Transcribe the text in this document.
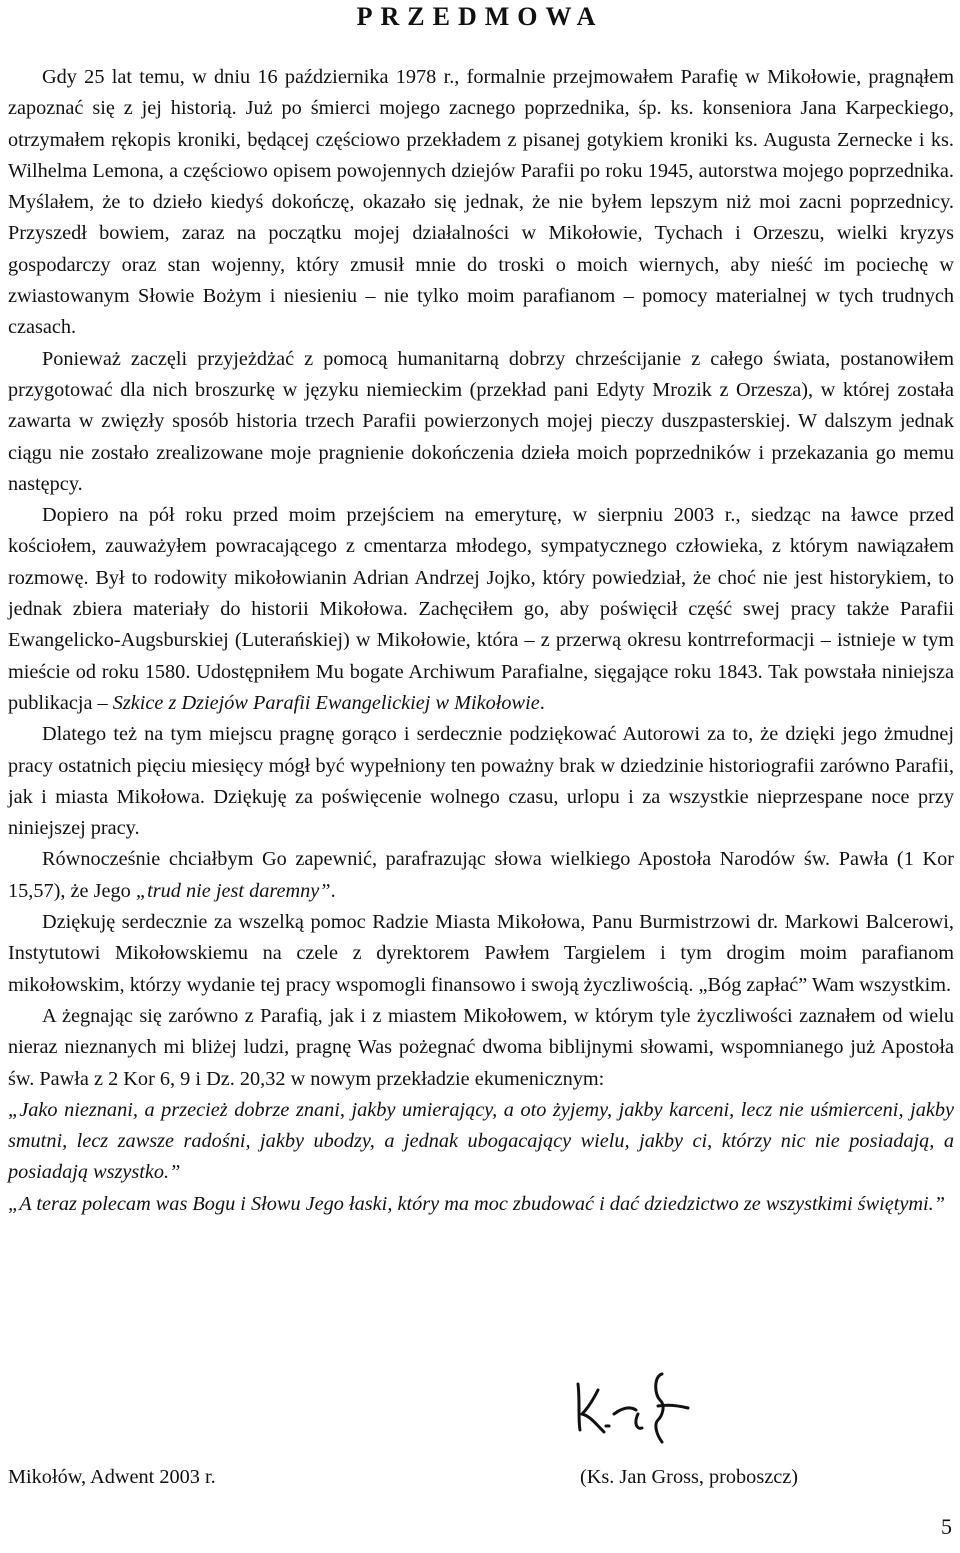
PRZEDMOWA

Gdy 25 lat temu, w dniu 16 października 1978 r., formalnie przejmowałem Parafię w Mikołowie, pragnąłem zapoznać się z jej historią. Już po śmierci mojego zacnego poprzednika, śp. ks. konseniora Jana Karpeckiego, otrzymałem rękopis kroniki, będącej częściowo przekładem z pisanej gotykiem kroniki ks. Augusta Zernecke i ks. Wilhelma Lemona, a częściowo opisem powojennych dziejów Parafii po roku 1945, autorstwa mojego poprzednika. Myślałem, że to dzieło kiedyś dokończę, okazało się jednak, że nie byłem lepszym niż moi zacni poprzednicy. Przyszedł bowiem, zaraz na początku mojej działalności w Mikołowie, Tychach i Orzeszu, wielki kryzys gospodarczy oraz stan wojenny, który zmusił mnie do troski o moich wiernych, aby nieść im pociechę w zwiastowanym Słowie Bożym i niesieniu – nie tylko moim parafianom – pomocy materialnej w tych trudnych czasach.

Ponieważ zaczęli przyjeżdżać z pomocą humanitarną dobrzy chrześcijanie z całego świata, postanowiłem przygotować dla nich broszurkę w języku niemieckim (przekład pani Edyty Mrozik z Orzesza), w której została zawarta w zwięzły sposób historia trzech Parafii powierzonych mojej pieczy duszpasterskiej. W dalszym jednak ciągu nie zostało zrealizowane moje pragnienie dokończenia dzieła moich poprzedników i przekazania go memu następcy.

Dopiero na pół roku przed moim przejściem na emeryturę, w sierpniu 2003 r., siedząc na ławce przed kościołem, zauważyłem powracającego z cmentarza młodego, sympatycznego człowieka, z którym nawiązałem rozmowę. Był to rodowity mikołowianin Adrian Andrzej Jojko, który powiedział, że choć nie jest historykiem, to jednak zbiera materiały do historii Mikołowa. Zachęciłem go, aby poświęcił część swej pracy także Parafii Ewangelicko-Augsburskiej (Luterańskiej) w Mikołowie, która – z przerwą okresu kontrreformacji – istnieje w tym mieście od roku 1580. Udostępniłem Mu bogate Archiwum Parafialne, sięgające roku 1843. Tak powstała niniejsza publikacja – Szkice z Dziejów Parafii Ewangelickiej w Mikołowie.

Dlatego też na tym miejscu pragnę gorąco i serdecznie podziękować Autorowi za to, że dzięki jego żmudnej pracy ostatnich pięciu miesięcy mógł być wypełniony ten poważny brak w dziedzinie historiografii zarówno Parafii, jak i miasta Mikołowa. Dziękuję za poświęcenie wolnego czasu, urlopu i za wszystkie nieprzespane noce przy niniejszej pracy.

Równocześnie chciałbym Go zapewnić, parafrazując słowa wielkiego Apostoła Narodów św. Pawła (1 Kor 15,57), że Jego „trud nie jest daremny”.

Dziękuję serdecznie za wszelką pomoc Radzie Miasta Mikołowa, Panu Burmistrzowi dr. Markowi Balcerowi, Instytutowi Mikołowskiemu na czele z dyrektorem Pawłem Targielem i tym drogim moim parafianom mikołowskim, którzy wydanie tej pracy wspomogli finansowo i swoją życzliwością. „Bóg zapłać” Wam wszystkim.

A żegnając się zarówno z Parafią, jak i z miastem Mikołowem, w którym tyle życzliwości zaznałem od wielu nieraz nieznanych mi bliżej ludzi, pragnę Was pożegnać dwoma biblijnymi słowami, wspomnianego już Apostoła św. Pawła z 2 Kor 6, 9 i Dz. 20,32 w nowym przekładzie ekumenicznym:

„Jako nieznani, a przecież dobrze znani, jakby umierający, a oto żyjemy, jakby karceni, lecz nie uśmierceni, jakby smutni, lecz zawsze radośni, jakby ubodzy, a jednak ubogacający wielu, jakby ci, którzy nic nie posiadają, a posiadają wszystko.”

„A teraz polecam was Bogu i Słowu Jego łaski, który ma moc zbudować i dać dziedzictwo ze wszystkimi świętymi.”

Mikołów, Adwent 2003 r.	(Ks. Jan Gross, proboszcz)
5
